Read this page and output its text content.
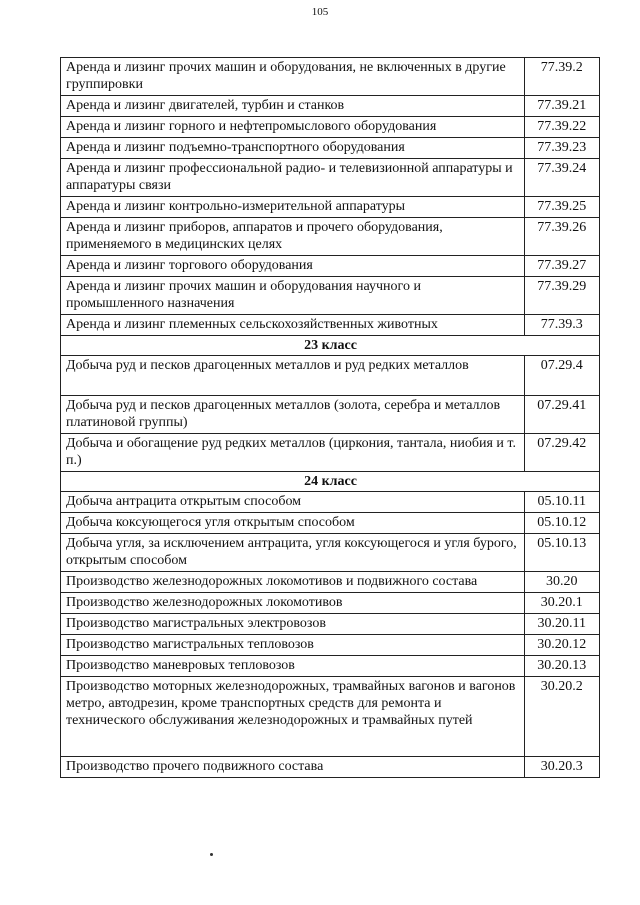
105
Аренда и лизинг прочих машин и оборудования, не включенных в другие группировки	77.39.2
Аренда и лизинг двигателей, турбин и станков	77.39.21
Аренда и лизинг горного и нефтепромыслового оборудования	77.39.22
Аренда и лизинг подъемно-транспортного оборудования	77.39.23
Аренда и лизинг профессиональной радио- и телевизионной аппаратуры и аппаратуры связи	77.39.24
Аренда и лизинг контрольно-измерительной аппаратуры	77.39.25
Аренда и лизинг приборов, аппаратов и прочего оборудования, применяемого в медицинских целях	77.39.26
Аренда и лизинг торгового оборудования	77.39.27
Аренда и лизинг прочих машин и оборудования научного и промышленного назначения	77.39.29
Аренда и лизинг племенных сельскохозяйственных животных	77.39.3
23 класс	
Добыча руд и песков драгоценных металлов и руд редких металлов	07.29.4
Добыча руд и песков драгоценных металлов (золота, серебра и металлов платиновой группы)	07.29.41
Добыча и обогащение руд редких металлов (циркония, тантала, ниобия и т. п.)	07.29.42
24 класс	
Добыча антрацита открытым способом	05.10.11
Добыча коксующегося угля открытым способом	05.10.12
Добыча угля, за исключением антрацита, угля коксующегося и угля бурого, открытым способом	05.10.13
Производство железнодорожных локомотивов и подвижного состава	30.20
Производство железнодорожных локомотивов	30.20.1
Производство магистральных электровозов	30.20.11
Производство магистральных тепловозов	30.20.12
Производство маневровых тепловозов	30.20.13
Производство моторных железнодорожных, трамвайных вагонов и вагонов метро, автодрезин, кроме транспортных средств для ремонта и технического обслуживания железнодорожных и трамвайных путей	30.20.2
Производство прочего подвижного состава	30.20.3
